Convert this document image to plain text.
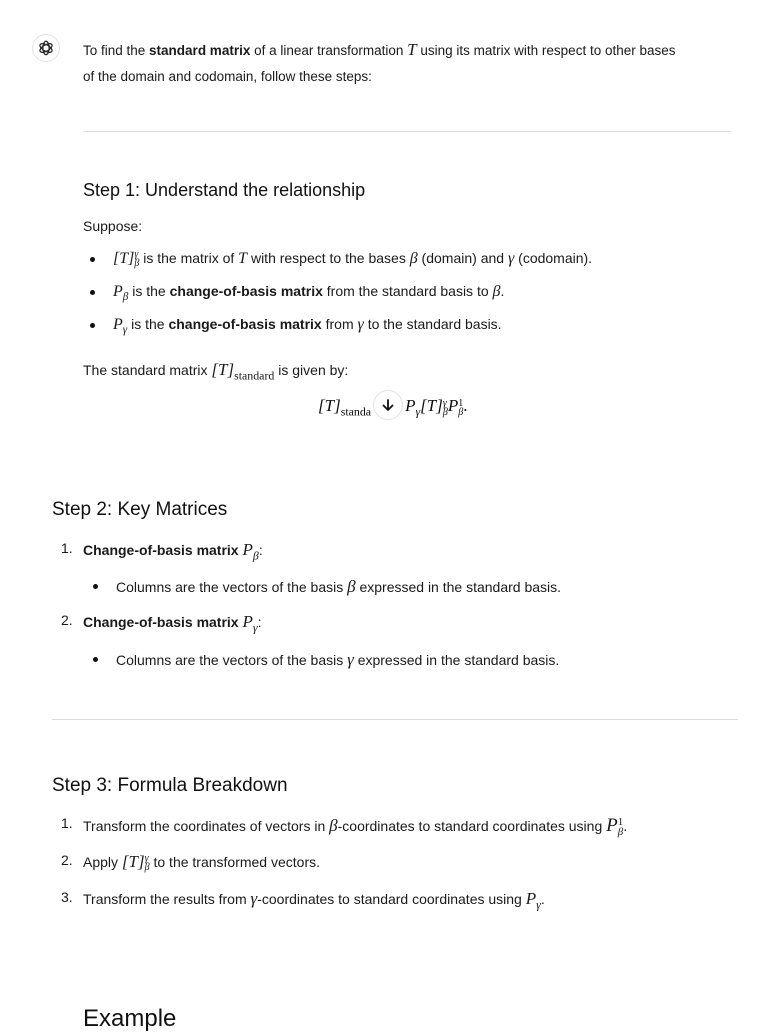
To find the standard matrix of a linear transformation T using its matrix with respect to other bases
of the domain and codomain, follow these steps:
Step 1: Understand the relationship
Suppose:
[T] γ
β is the matrix of T with respect to the bases β (domain) and γ (codomain).
$P_\beta$ is the change-of-basis matrix from the standard basis to β.
$P_\gamma$ is the change-of-basis matrix from γ to the standard basis.
The standard matrix $[T]_{standard}$ is given by:
$[T]_{standa}$ $P_\gamma[T]$ γ
β P 1
β .
Step 2: Key Matrices
1. Change-of-basis matrix $P_\beta$:
Columns are the vectors of the basis β expressed in the standard basis.
2. Change-of-basis matrix $P_\gamma$:
Columns are the vectors of the basis γ expressed in the standard basis.
Step 3: Formula Breakdown
1. Transform the coordinates of vectors in β-coordinates to standard coordinates using P 1
β .
2. Apply [T] γ
β to the transformed vectors.
3. Transform the results from γ-coordinates to standard coordinates using $P_\gamma$.
Example
